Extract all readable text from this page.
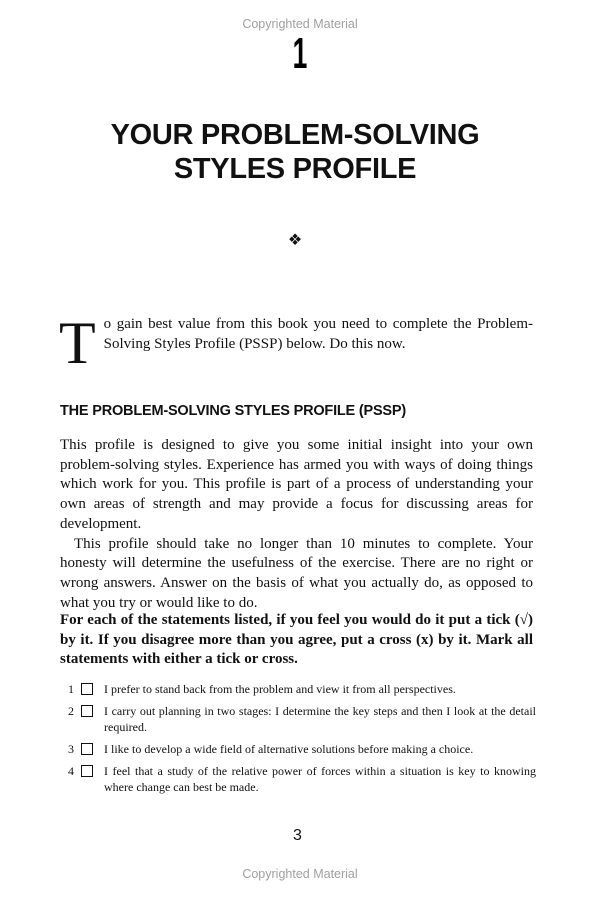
Copyrighted Material
1
YOUR PROBLEM-SOLVING
STYLES PROFILE
❖
T o gain best value from this book you need to complete the Problem-Solving Styles Profile (PSSP) below. Do this now.
THE PROBLEM-SOLVING STYLES PROFILE (PSSP)

This profile is designed to give you some initial insight into your own problem-solving styles. Experience has armed you with ways of doing things which work for you. This profile is part of a process of understanding your own areas of strength and may provide a focus for discussing areas for development.

This profile should take no longer than 10 minutes to complete. Your honesty will determine the usefulness of the exercise. There are no right or wrong answers. Answer on the basis of what you actually do, as opposed to what you try or would like to do.

For each of the statements listed, if you feel you would do it put a tick (√) by it. If you disagree more than you agree, put a cross (x) by it. Mark all statements with either a tick or cross.
1	I prefer to stand back from the problem and view it from all perspectives.
2	I carry out planning in two stages: I determine the key steps and then I look at the detail required.
3	I like to develop a wide field of alternative solutions before making a choice.
4	I feel that a study of the relative power of forces within a situation is key to knowing where change can best be made.
3
Copyrighted Material
